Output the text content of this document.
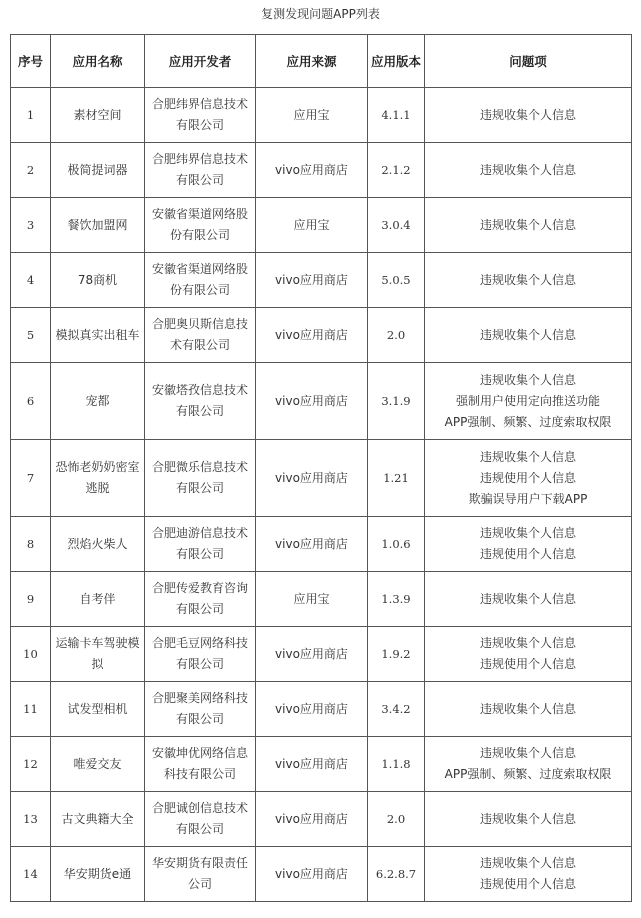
复测发现问题APP列表
序号	应用名称	应用开发者	应用来源	应用版本	问题项
1	素材空间	合肥纬界信息技术有限公司	应用宝	4.1.1	违规收集个人信息

2	极简提词器	合肥纬界信息技术有限公司	vivo应用商店	2.1.2	违规收集个人信息

3	餐饮加盟网	安徽省渠道网络股份有限公司	应用宝	3.0.4	违规收集个人信息

4	78商机	安徽省渠道网络股份有限公司	vivo应用商店	5.0.5	违规收集个人信息

5	模拟真实出租车	合肥奥贝斯信息技术有限公司	vivo应用商店	2.0	违规收集个人信息

6	宠都	安徽塔孜信息技术有限公司	vivo应用商店	3.1.9	违规收集个人信息
强制用户使用定向推送功能
APP强制、频繁、过度索取权限

7	恐怖老奶奶密室逃脱	合肥微乐信息技术有限公司	vivo应用商店	1.21	违规收集个人信息
违规使用个人信息
欺骗误导用户下载APP

8	烈焰火柴人	合肥迪游信息技术有限公司	vivo应用商店	1.0.6	违规收集个人信息
违规使用个人信息

9	自考伴	合肥传爱教育咨询有限公司	应用宝	1.3.9	违规收集个人信息

10	运输卡车驾驶模拟	合肥毛豆网络科技有限公司	vivo应用商店	1.9.2	违规收集个人信息
违规使用个人信息

11	试发型相机	合肥聚美网络科技有限公司	vivo应用商店	3.4.2	违规收集个人信息

12	唯爱交友	安徽坤优网络信息科技有限公司	vivo应用商店	1.1.8	违规收集个人信息
APP强制、频繁、过度索取权限

13	古文典籍大全	合肥诚创信息技术有限公司	vivo应用商店	2.0	违规收集个人信息

14	华安期货e通	华安期货有限责任公司	vivo应用商店	6.2.8.7	违规收集个人信息
违规使用个人信息
